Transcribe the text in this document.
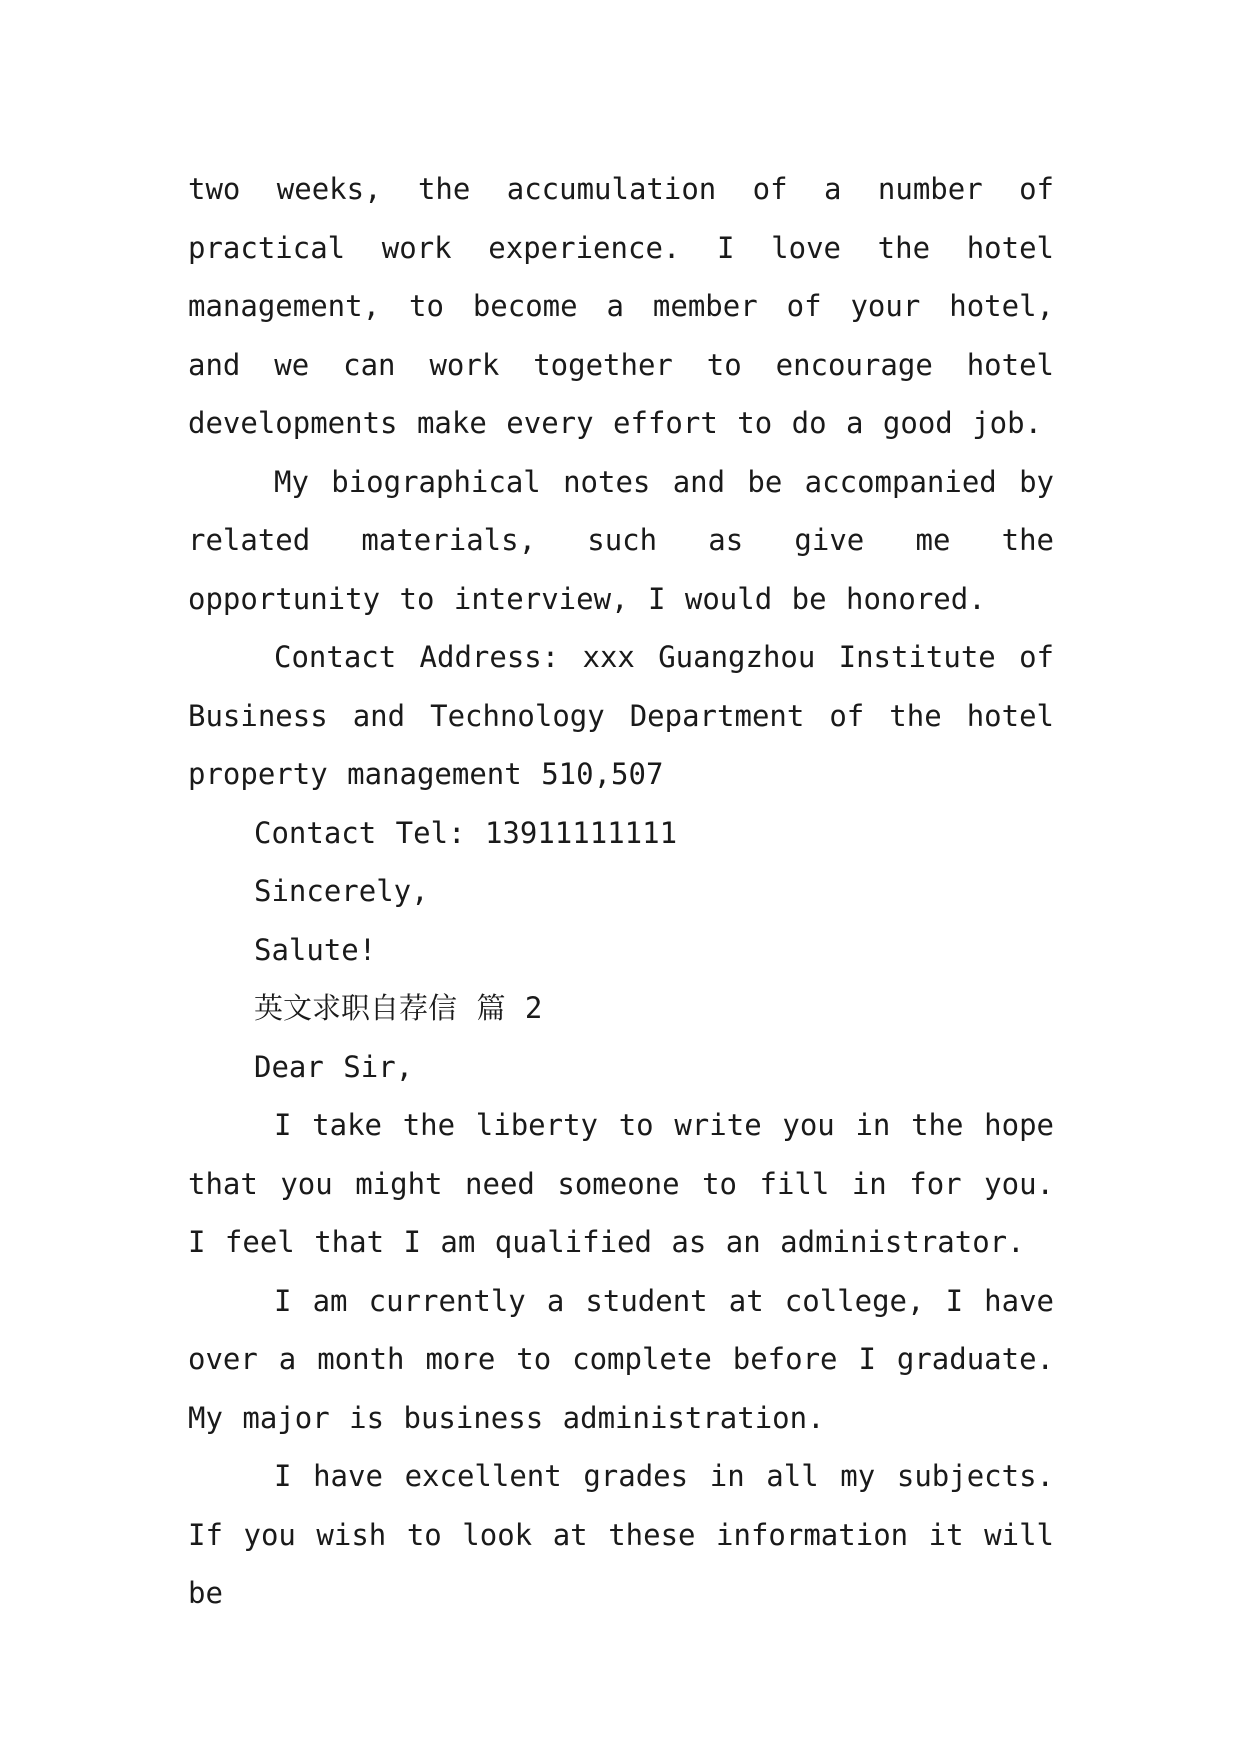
two weeks, the accumulation of a number of practical work experience. I love the hotel management, to become a member of your hotel, and we can work together to encourage hotel developments make every effort to do a good job.

My biographical notes and be accompanied by related materials, such as give me the opportunity to interview, I would be honored.

Contact Address: xxx Guangzhou Institute of Business and Technology Department of the hotel property management 510,507

Contact Tel: 13911111111

Sincerely,

Salute!

英文求职自荐信 篇 2

Dear Sir,

I take the liberty to write you in the hope that you might need someone to fill in for you. I feel that I am qualified as an administrator.

I am currently a student at college, I have over a month more to complete before I graduate. My major is business administration.

I have excellent grades in all my subjects. If you wish to look at these information it will be
